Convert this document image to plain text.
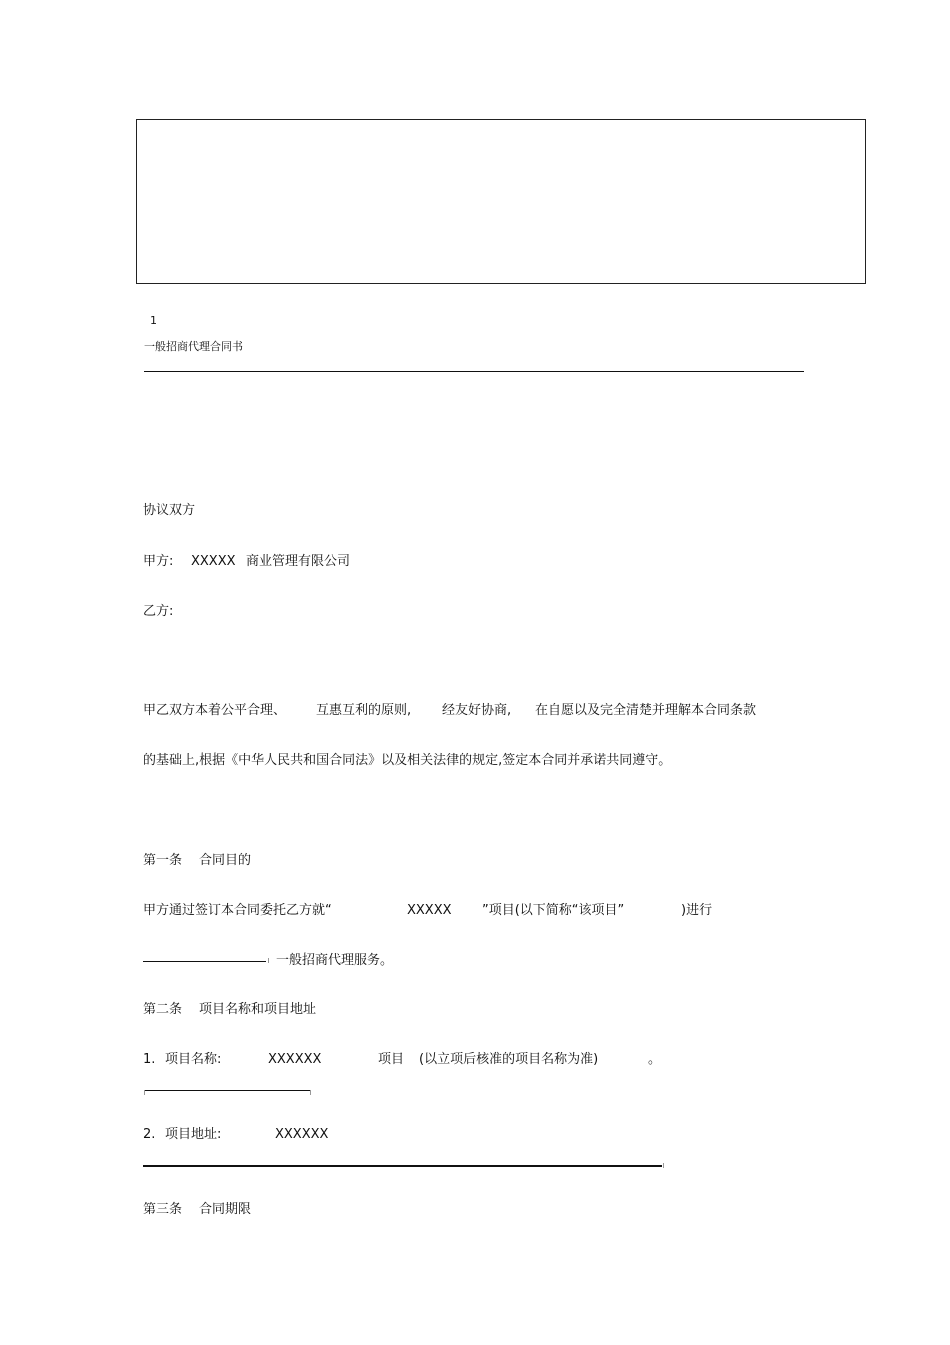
1
一般招商代理合同书
协议双方
甲方: XXXXX 商业管理有限公司
乙方:
甲乙双方本着公平合理、 互惠互利的原则, 经友好协商, 在自愿以及完全清楚并理解本合同条款
的基础上,根据《中华人民共和国合同法》以及相关法律的规定,签定本合同并承诺共同遵守。
第一条 合同目的
甲方通过签订本合同委托乙方就“	XXXXX ”项目(以下简称“该项目”	)进行
一般招商代理服务。
第二条 项目名称和项目地址
1. 项目名称:	XXXXXX	项目 (以立项后核准的项目名称为准)	。
2. 项目地址:	XXXXXX
第三条 合同期限
